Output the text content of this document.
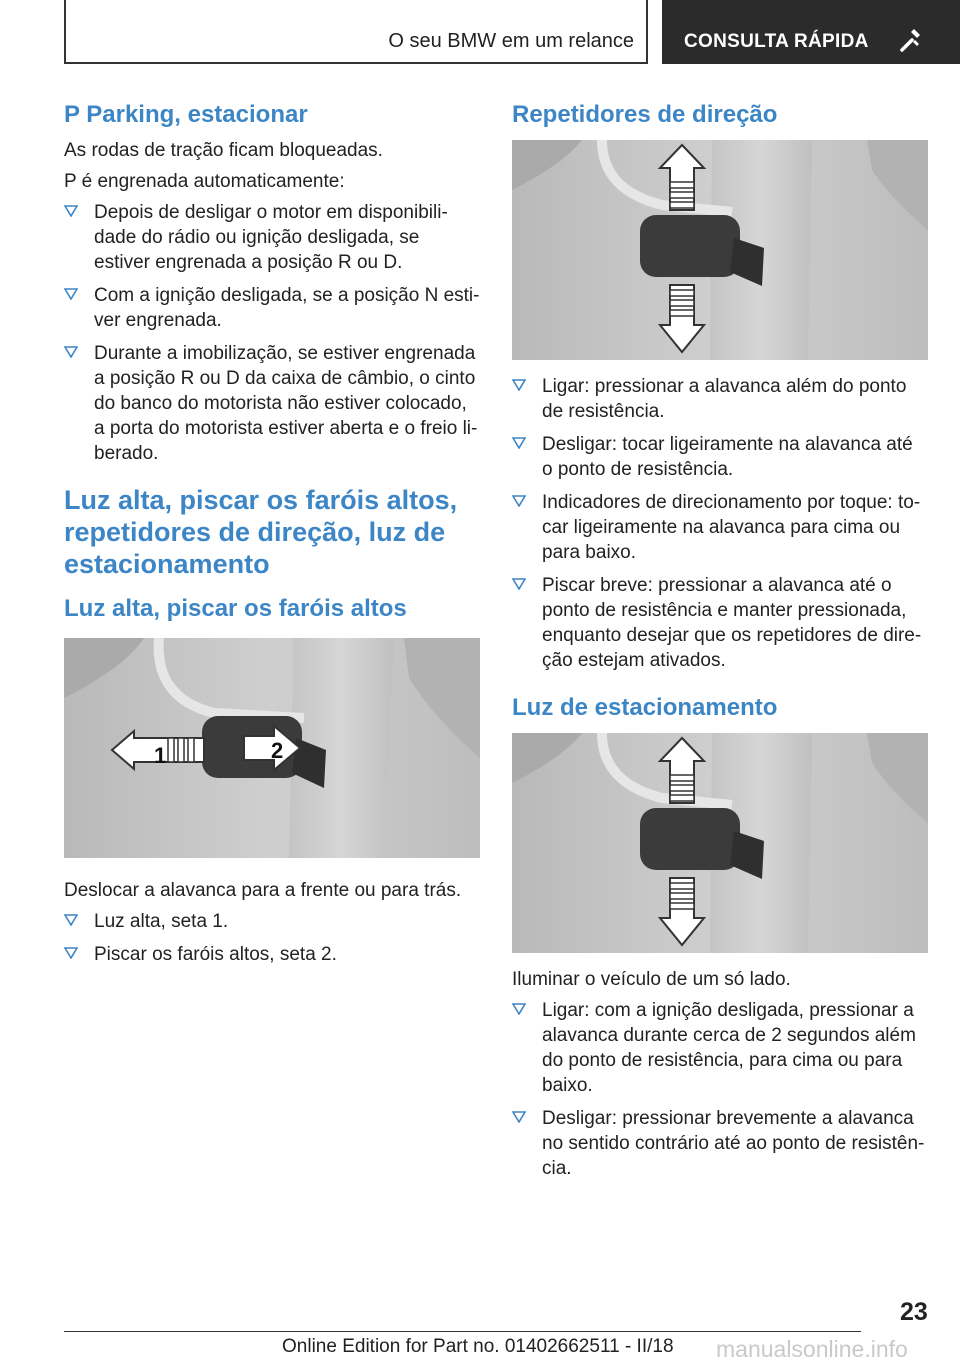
O seu BMW em um relance	CONSULTA RÁPIDA
P Parking, estacionar
As rodas de tração ficam bloqueadas.
P é engrenada automaticamente:
Depois de desligar o motor em disponibilidade do rádio ou ignição desligada, se estiver engrenada a posição R ou D.
Com a ignição desligada, se a posição N estiver engrenada.
Durante a imobilização, se estiver engrenada a posição R ou D da caixa de câmbio, o cinto do banco do motorista não estiver colocado, a porta do motorista estiver aberta e o freio liberado.
Luz alta, piscar os faróis altos, repetidores de direção, luz de estacionamento
Luz alta, piscar os faróis altos
1	2
Deslocar a alavanca para a frente ou para trás.
Luz alta, seta 1.
Piscar os faróis altos, seta 2.
Repetidores de direção
Ligar: pressionar a alavanca além do ponto de resistência.
Desligar: tocar ligeiramente na alavanca até o ponto de resistência.
Indicadores de direcionamento por toque: tocar ligeiramente na alavanca para cima ou para baixo.
Piscar breve: pressionar a alavanca até o ponto de resistência e manter pressionada, enquanto desejar que os repetidores de direção estejam ativados.
Luz de estacionamento
Iluminar o veículo de um só lado.
Ligar: com a ignição desligada, pressionar a alavanca durante cerca de 2 segundos além do ponto de resistência, para cima ou para baixo.
Desligar: pressionar brevemente a alavanca no sentido contrário até ao ponto de resistência.
23
Online Edition for Part no. 01402662511 - II/18 manualsonline.info
